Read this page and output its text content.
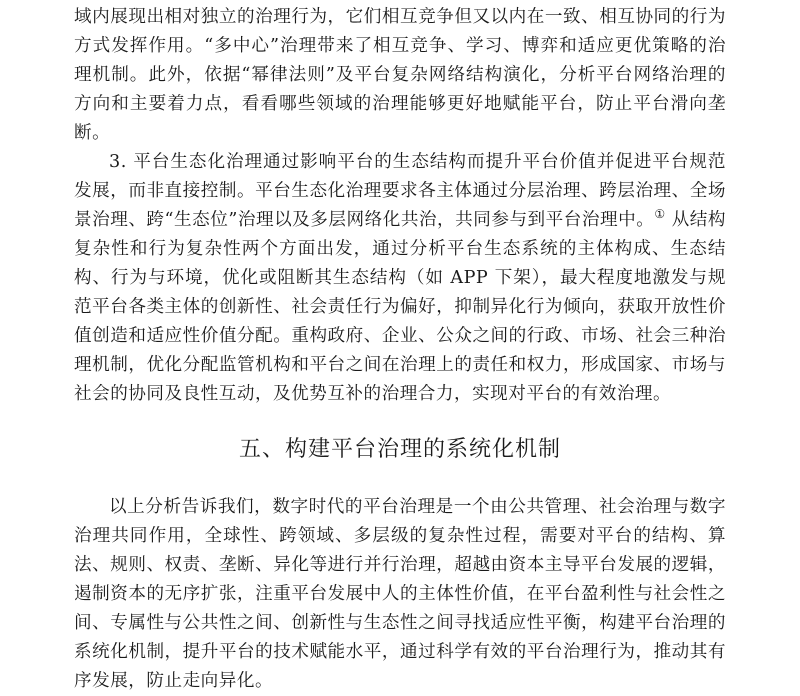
域内展现出相对独立的治理行为，它们相互竞争但又以内在一致、相互协同的行为方式发挥作用。“多中心”治理带来了相互竞争、学习、博弈和适应更优策略的治理机制。此外，依据“幂律法则”及平台复杂网络结构演化，分析平台网络治理的方向和主要着力点，看看哪些领域的治理能够更好地赋能平台，防止平台滑向垄断。

3. 平台生态化治理通过影响平台的生态结构而提升平台价值并促进平台规范发展，而非直接控制。平台生态化治理要求各主体通过分层治理、跨层治理、全场景治理、跨“生态位”治理以及多层网络化共治，共同参与到平台治理中。① 从结构复杂性和行为复杂性两个方面出发，通过分析平台生态系统的主体构成、生态结构、行为与环境，优化或阻断其生态结构（如 APP 下架），最大程度地激发与规范平台各类主体的创新性、社会责任行为偏好，抑制异化行为倾向，获取开放性价值创造和适应性价值分配。重构政府、企业、公众之间的行政、市场、社会三种治理机制，优化分配监管机构和平台之间在治理上的责任和权力，形成国家、市场与社会的协同及良性互动，及优势互补的治理合力，实现对平台的有效治理。

五、构建平台治理的系统化机制

以上分析告诉我们，数字时代的平台治理是一个由公共管理、社会治理与数字治理共同作用，全球性、跨领域、多层级的复杂性过程，需要对平台的结构、算法、规则、权责、垄断、异化等进行并行治理，超越由资本主导平台发展的逻辑，遏制资本的无序扩张，注重平台发展中人的主体性价值，在平台盈利性与社会性之间、专属性与公共性之间、创新性与生态性之间寻找适应性平衡，构建平台治理的系统化机制，提升平台的技术赋能水平，通过科学有效的平台治理行为，推动其有序发展，防止走向异化。
